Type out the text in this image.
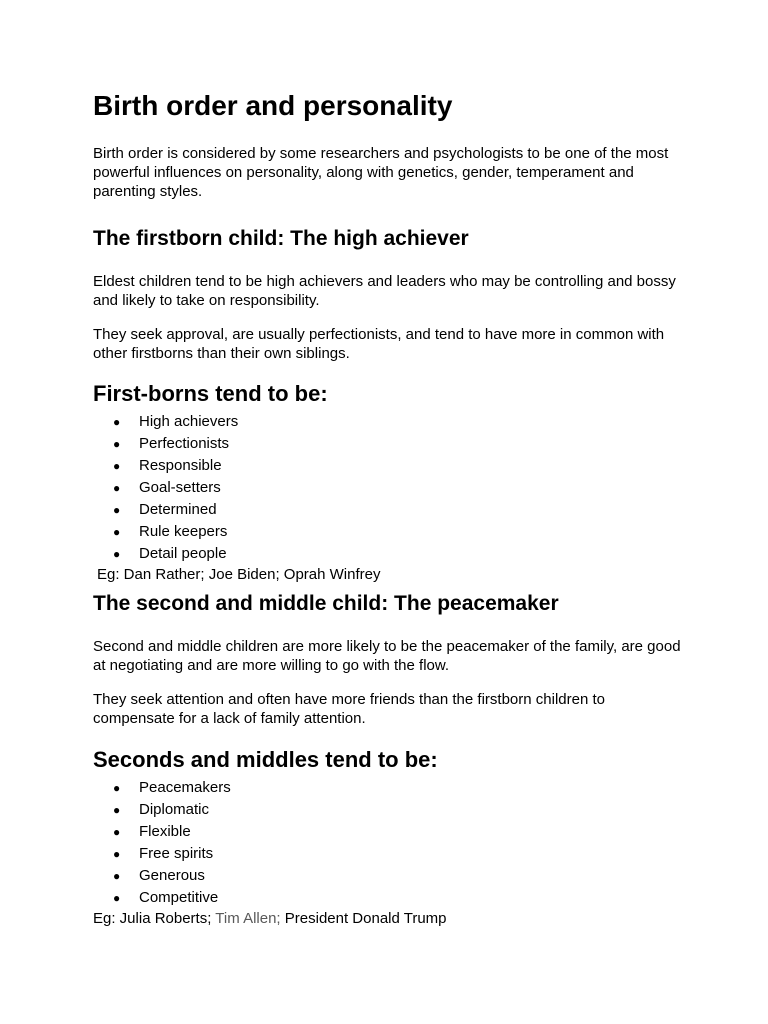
Birth order and personality

Birth order is considered by some researchers and psychologists to be one of the most powerful influences on personality, along with genetics, gender, temperament and parenting styles.

The firstborn child: The high achiever

Eldest children tend to be high achievers and leaders who may be controlling and bossy and likely to take on responsibility.

They seek approval, are usually perfectionists, and tend to have more in common with other firstborns than their own siblings.

First-borns tend to be:
● High achievers
● Perfectionists
● Responsible
● Goal-setters
● Determined
● Rule keepers
● Detail people
Eg: Dan Rather; Joe Biden; Oprah Winfrey
The second and middle child: The peacemaker

Second and middle children are more likely to be the peacemaker of the family, are good at negotiating and are more willing to go with the flow.

They seek attention and often have more friends than the firstborn children to compensate for a lack of family attention.

Seconds and middles tend to be:
● Peacemakers
● Diplomatic
● Flexible
● Free spirits
● Generous
● Competitive
Eg: Julia Roberts; Tim Allen; President Donald Trump
